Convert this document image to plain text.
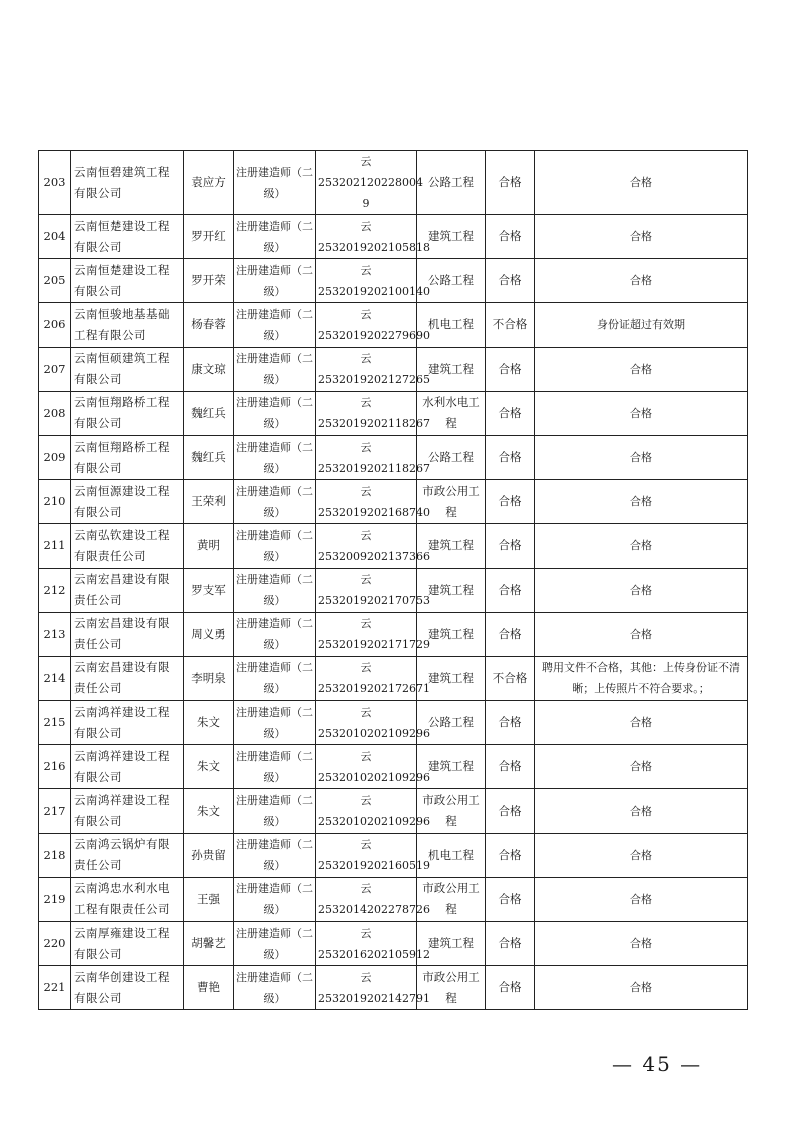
203	云南恒碧建筑工程有限公司	袁应方	注册建造师（二级）	云 253202120228004 9	公路工程	合格	合格
204	云南恒楚建设工程有限公司	罗开红	注册建造师（二级）	云 2532019202105818	建筑工程	合格	合格
205	云南恒楚建设工程有限公司	罗开荣	注册建造师（二级）	云 2532019202100140	公路工程	合格	合格
206	云南恒骏地基基础工程有限公司	杨春蓉	注册建造师（二级）	云 2532019202279690	机电工程	不合格	身份证超过有效期
207	云南恒硕建筑工程有限公司	康文琼	注册建造师（二级）	云 2532019202127265	建筑工程	合格	合格
208	云南恒翔路桥工程有限公司	魏红兵	注册建造师（二级）	云 2532019202118267	水利水电工程	合格	合格
209	云南恒翔路桥工程有限公司	魏红兵	注册建造师（二级）	云 2532019202118267	公路工程	合格	合格
210	云南恒源建设工程有限公司	王荣利	注册建造师（二级）	云 2532019202168740	市政公用工程	合格	合格
211	云南弘钦建设工程有限责任公司	黄明	注册建造师（二级）	云 2532009202137366	建筑工程	合格	合格
212	云南宏昌建设有限责任公司	罗支军	注册建造师（二级）	云 2532019202170753	建筑工程	合格	合格
213	云南宏昌建设有限责任公司	周义勇	注册建造师（二级）	云 2532019202171729	建筑工程	合格	合格
214	云南宏昌建设有限责任公司	李明泉	注册建造师（二级）	云 2532019202172671	建筑工程	不合格	聘用文件不合格，其他：上传身份证不清晰；上传照片不符合要求。；
215	云南鸿祥建设工程有限公司	朱文	注册建造师（二级）	云 2532010202109296	公路工程	合格	合格
216	云南鸿祥建设工程有限公司	朱文	注册建造师（二级）	云 2532010202109296	建筑工程	合格	合格
217	云南鸿祥建设工程有限公司	朱文	注册建造师（二级）	云 2532010202109296	市政公用工程	合格	合格
218	云南鸿云锅炉有限责任公司	孙贵留	注册建造师（二级）	云 2532019202160519	机电工程	合格	合格
219	云南鸿忠水利水电工程有限责任公司	王强	注册建造师（二级）	云 2532014202278726	市政公用工程	合格	合格
220	云南厚雍建设工程有限公司	胡馨艺	注册建造师（二级）	云 2532016202105912	建筑工程	合格	合格
221	云南华创建设工程有限公司	曹艳	注册建造师（二级）	云 2532019202142791	市政公用工程	合格	合格
— 45 —
